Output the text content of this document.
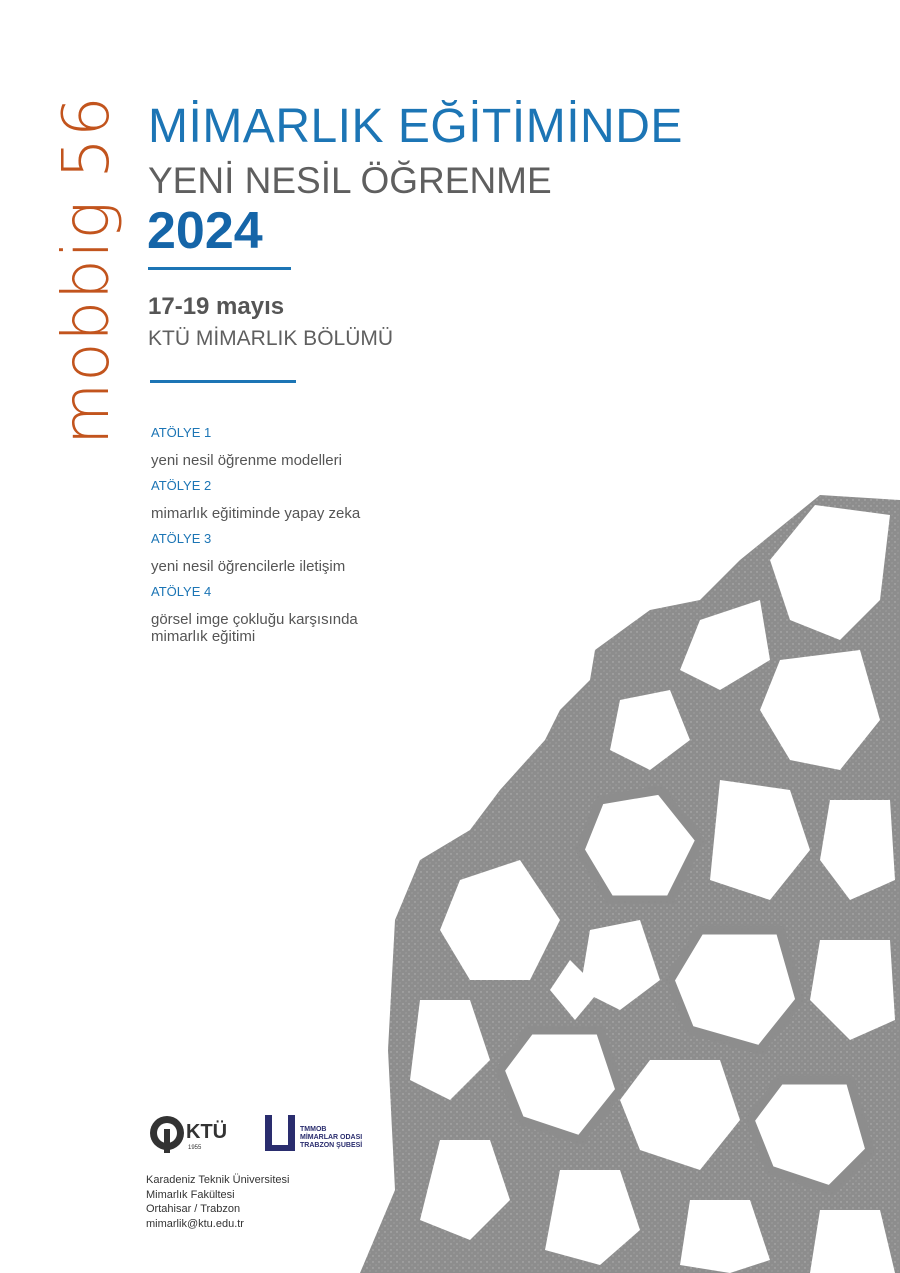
mobbig 56 MİMARLIK EĞİTİMİNDE
YENİ NESİL ÖĞRENME
2024
17-19 mayıs
KTÜ MİMARLIK BÖLÜMÜ
ATÖLYE 1
yeni nesil öğrenme modelleri
ATÖLYE 2
mimarlık eğitiminde yapay zeka
ATÖLYE 3
yeni nesil öğrencilerle iletişim
ATÖLYE 4
görsel imge çokluğu karşısında
mimarlık eğitimi
KTÜ
1955
TMMOB
MİMARLAR ODASI
TRABZON ŞUBESİ
Karadeniz Teknik Üniversitesi
Mimarlık Fakültesi
Ortahisar / Trabzon
mimarlik@ktu.edu.tr
